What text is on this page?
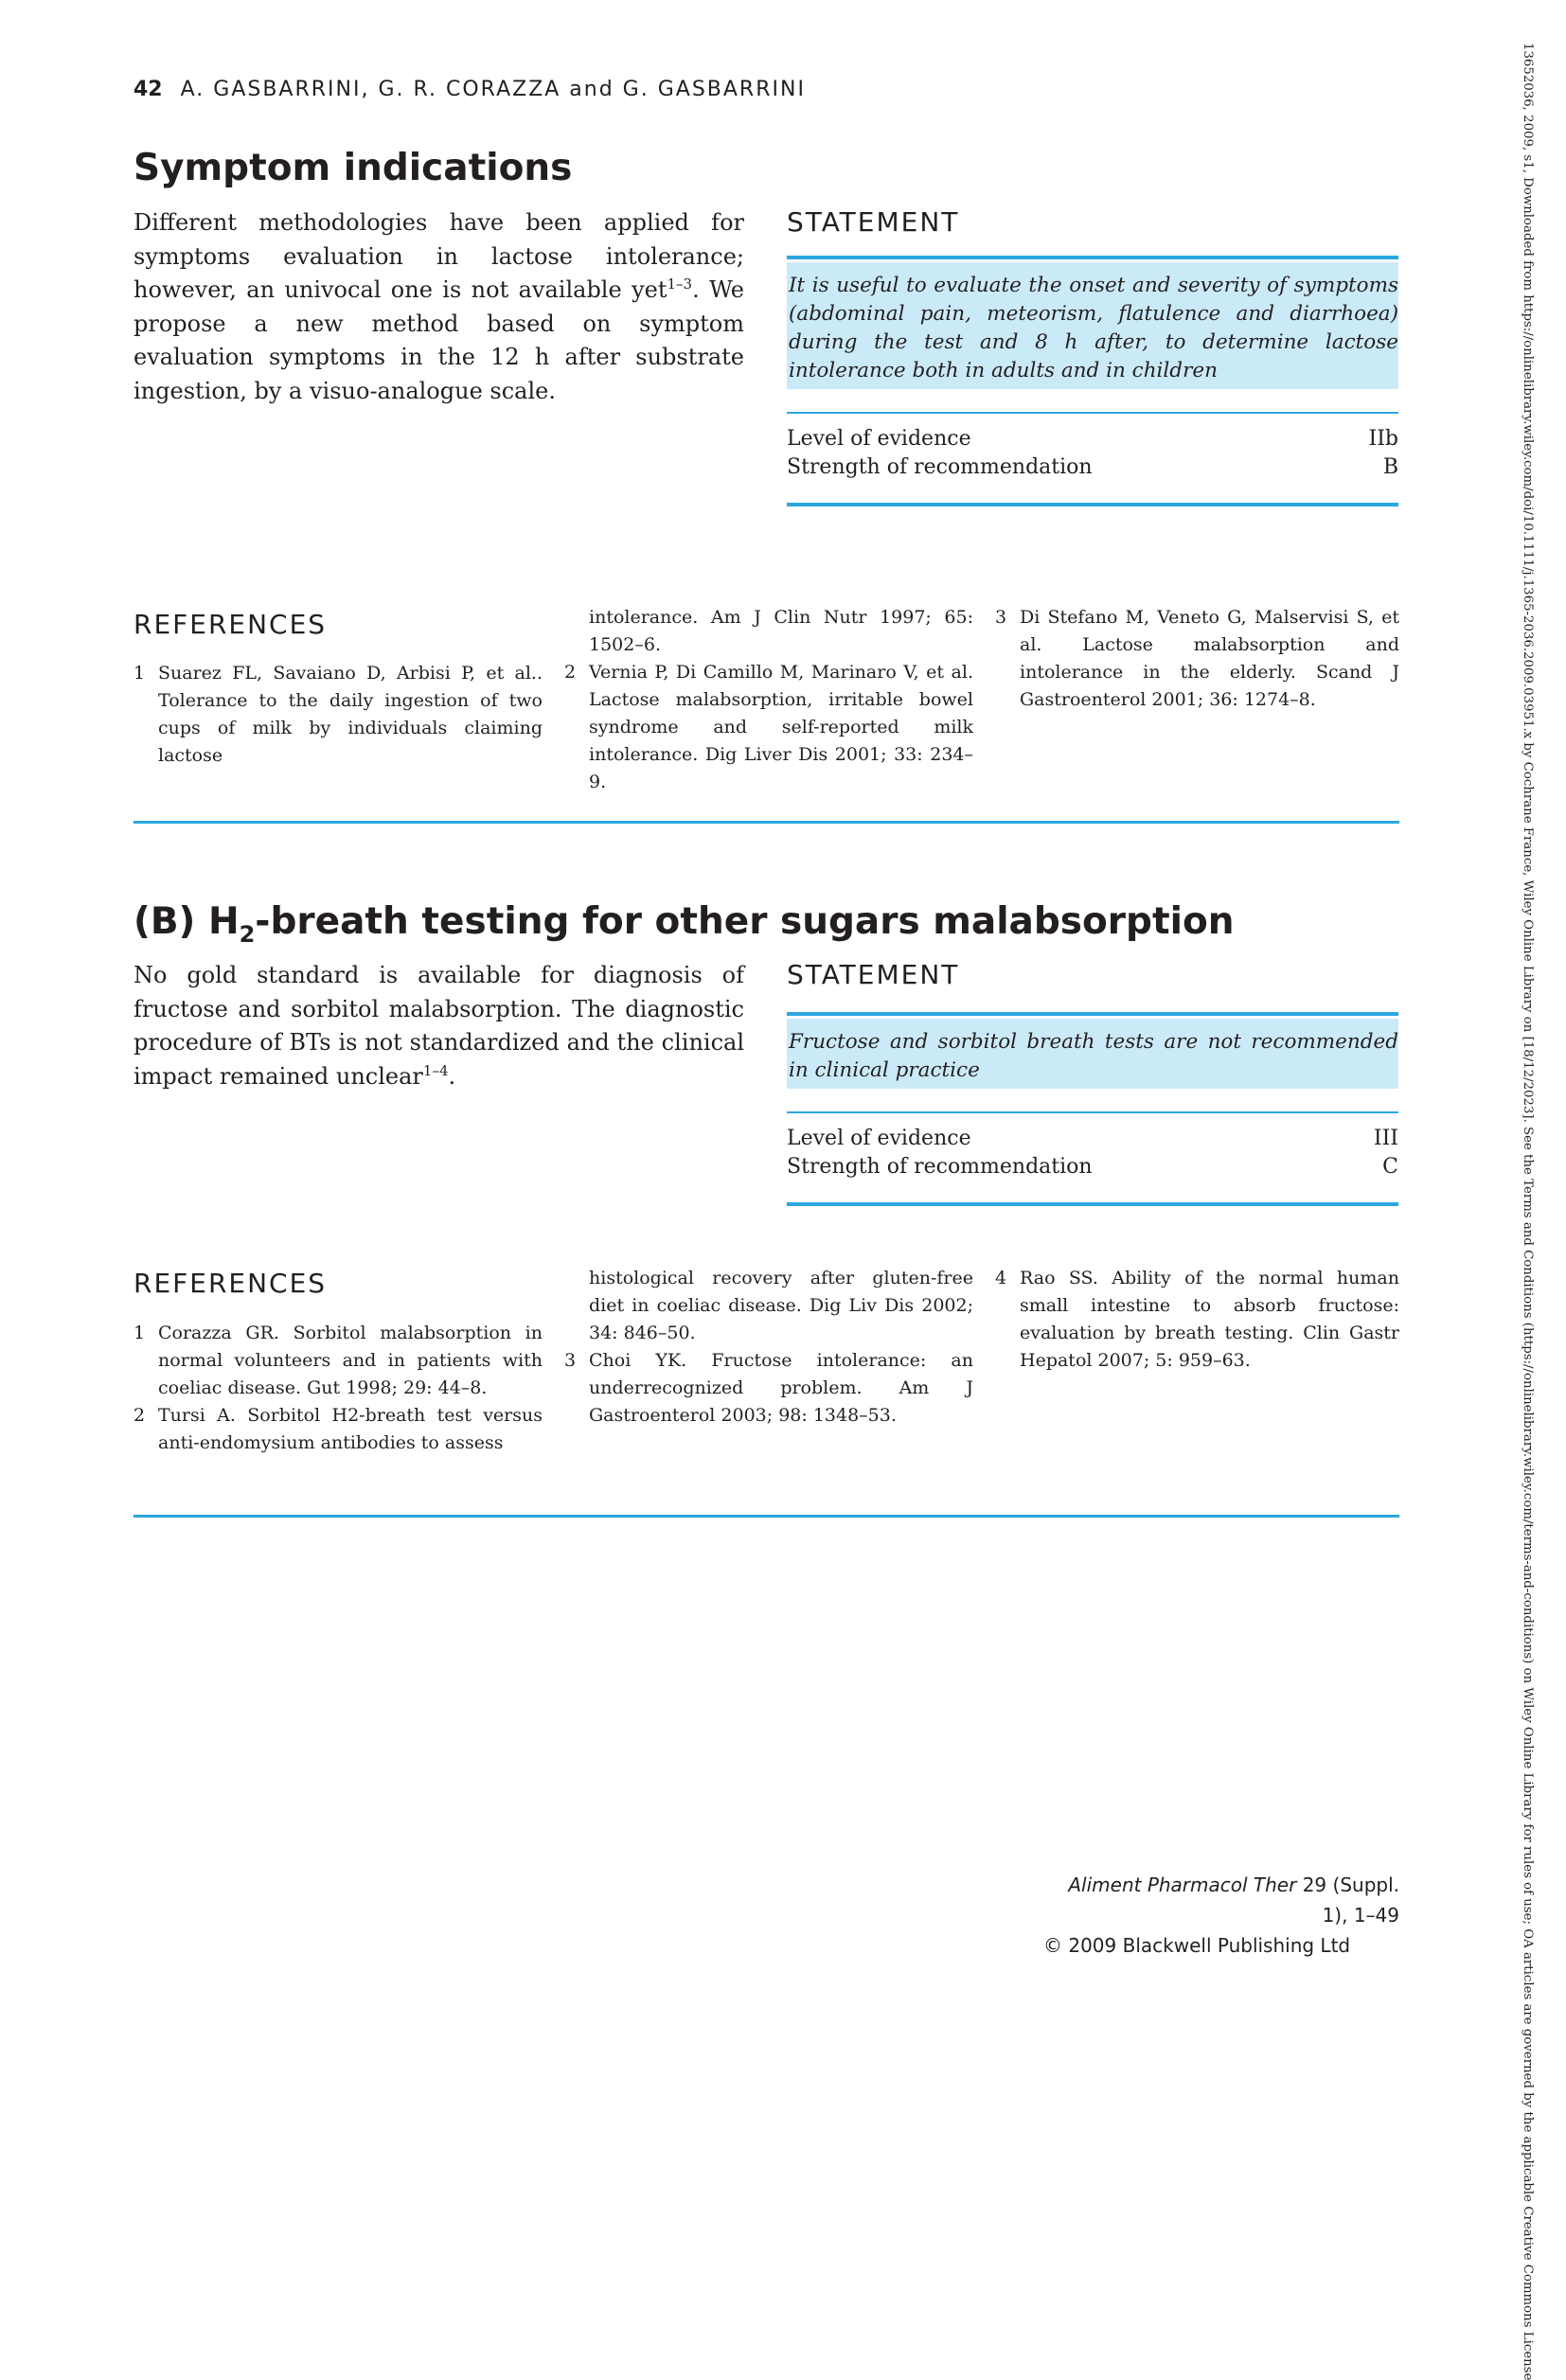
42 A. GASBARRINI, G. R. CORAZZA and G. GASBARRINI
Symptom indications
Different methodologies have been applied for symptoms evaluation in lactose intolerance; however, an univocal one is not available yet$^{1-3}$. We propose a new method based on symptom evaluation symptoms in the 12 h after substrate ingestion, by a visuo-analogue scale.
STATEMENT
It is useful to evaluate the onset and severity of symptoms (abdominal pain, meteorism, flatulence and diarrhoea) during the test and 8 h after, to determine lactose intolerance both in adults and in children
Level of evidence	IIb
Strength of recommendation	B
REFERENCES
1 Suarez FL, Savaiano D, Arbisi P, et al.. Tolerance to the daily ingestion of two cups of milk by individuals claiming lactose
intolerance. Am J Clin Nutr 1997; 65: 1502–6.
2 Vernia P, Di Camillo M, Marinaro V, et al. Lactose malabsorption, irritable bowel syndrome and self-reported milk intolerance. Dig Liver Dis 2001; 33: 234–9.
3 Di Stefano M, Veneto G, Malservisi S, et al. Lactose malabsorption and intolerance in the elderly. Scand J Gastroenterol 2001; 36: 1274–8.
(B) $H_2$-breath testing for other sugars malabsorption
No gold standard is available for diagnosis of fructose and sorbitol malabsorption. The diagnostic procedure of BTs is not standardized and the clinical impact remained unclear$^{1-4}$.
STATEMENT
Fructose and sorbitol breath tests are not recommended in clinical practice
Level of evidence	III
Strength of recommendation	C
REFERENCES
1 Corazza GR. Sorbitol malabsorption in normal volunteers and in patients with coeliac disease. Gut 1998; 29: 44–8.
2 Tursi A. Sorbitol H2-breath test versus anti-endomysium antibodies to assess
histological recovery after gluten-free diet in coeliac disease. Dig Liv Dis 2002; 34: 846–50.
3 Choi YK. Fructose intolerance: an underrecognized problem. Am J Gastroenterol 2003; 98: 1348–53.
4 Rao SS. Ability of the normal human small intestine to absorb fructose: evaluation by breath testing. Clin Gastr Hepatol 2007; 5: 959–63.
Aliment Pharmacol Ther 29 (Suppl. 1), 1–49
© 2009 Blackwell Publishing Ltd	13652036, 2009, s1, Downloaded from https://onlinelibrary.wiley.com/doi/10.1111/j.1365-2036.2009.03951.x by Cochrane France, Wiley Online Library on [18/12/2023]. See the Terms and Conditions (https://onlinelibrary.wiley.com/terms-and-conditions) on Wiley Online Library for rules of use; OA articles are governed by the applicable Creative Commons License
